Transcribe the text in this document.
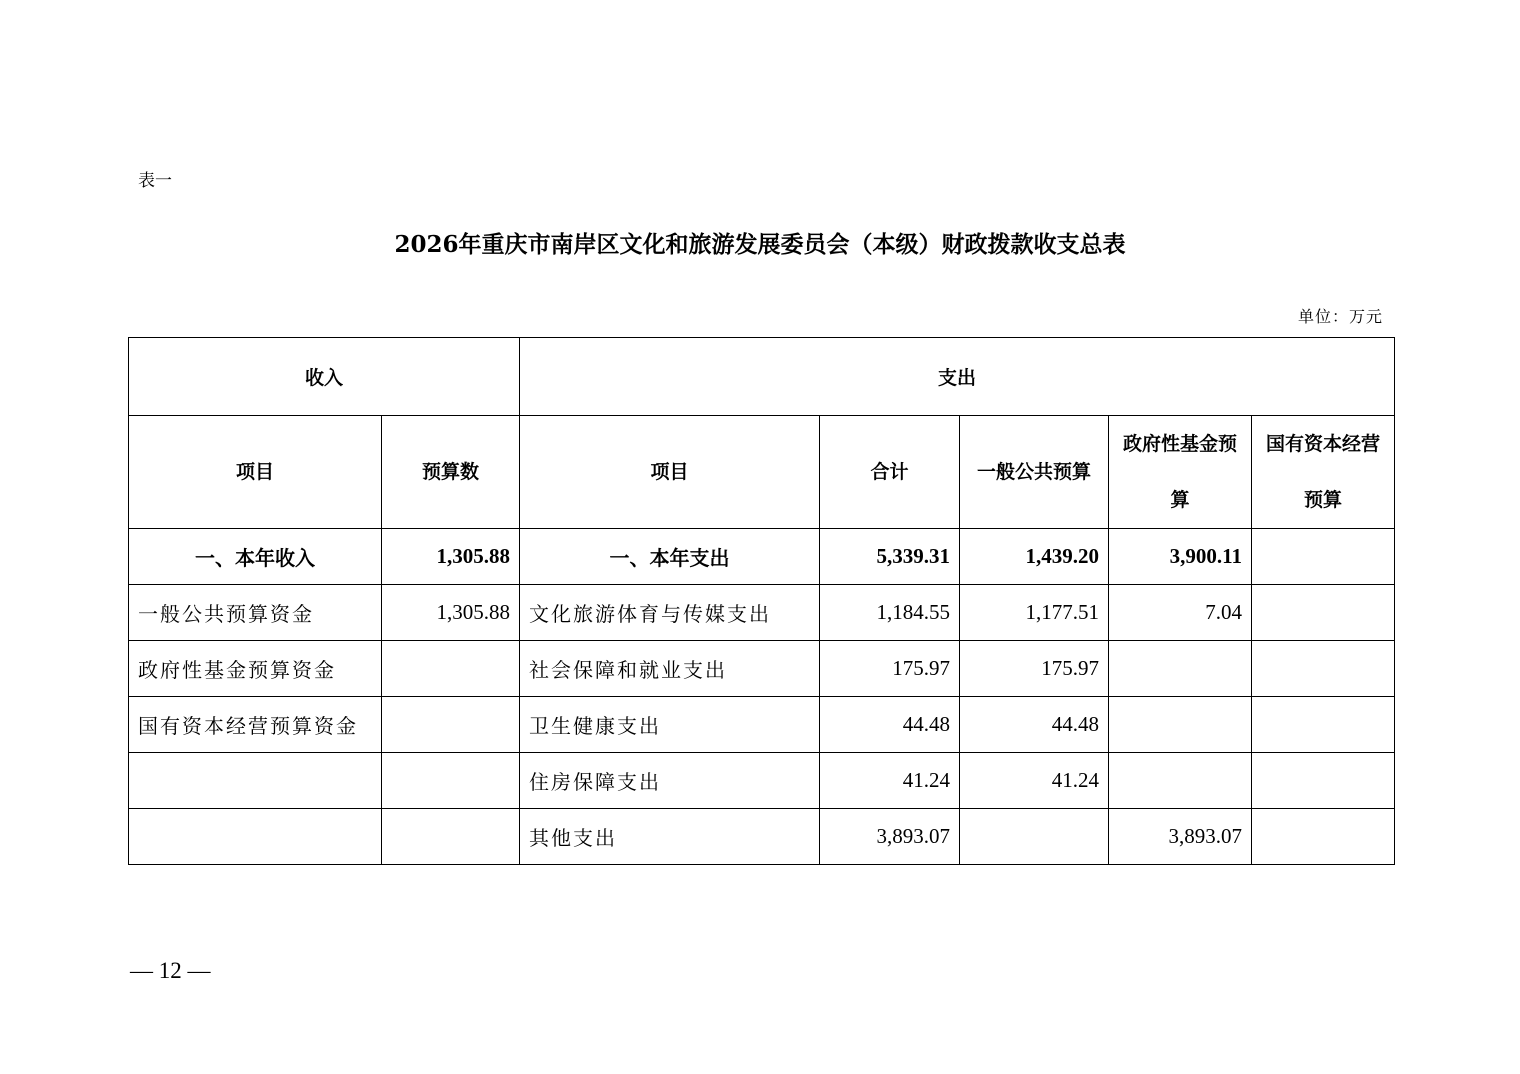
表一
2026年重庆市南岸区文化和旅游发展委员会（本级）财政拨款收支总表
单位：万元
收入		支出				
项目	预算数	项目	合计	一般公共预算	政府性基金预算	国有资本经营预算
一、本年收入	1,305.88	一、本年支出	5,339.31	1,439.20	3,900.11	
一般公共预算资金	1,305.88	文化旅游体育与传媒支出	1,184.55	1,177.51	7.04	
政府性基金预算资金		社会保障和就业支出	175.97	175.97		
国有资本经营预算资金		卫生健康支出	44.48	44.48		
		住房保障支出	41.24	41.24		
		其他支出	3,893.07		3,893.07	
— 12 —
